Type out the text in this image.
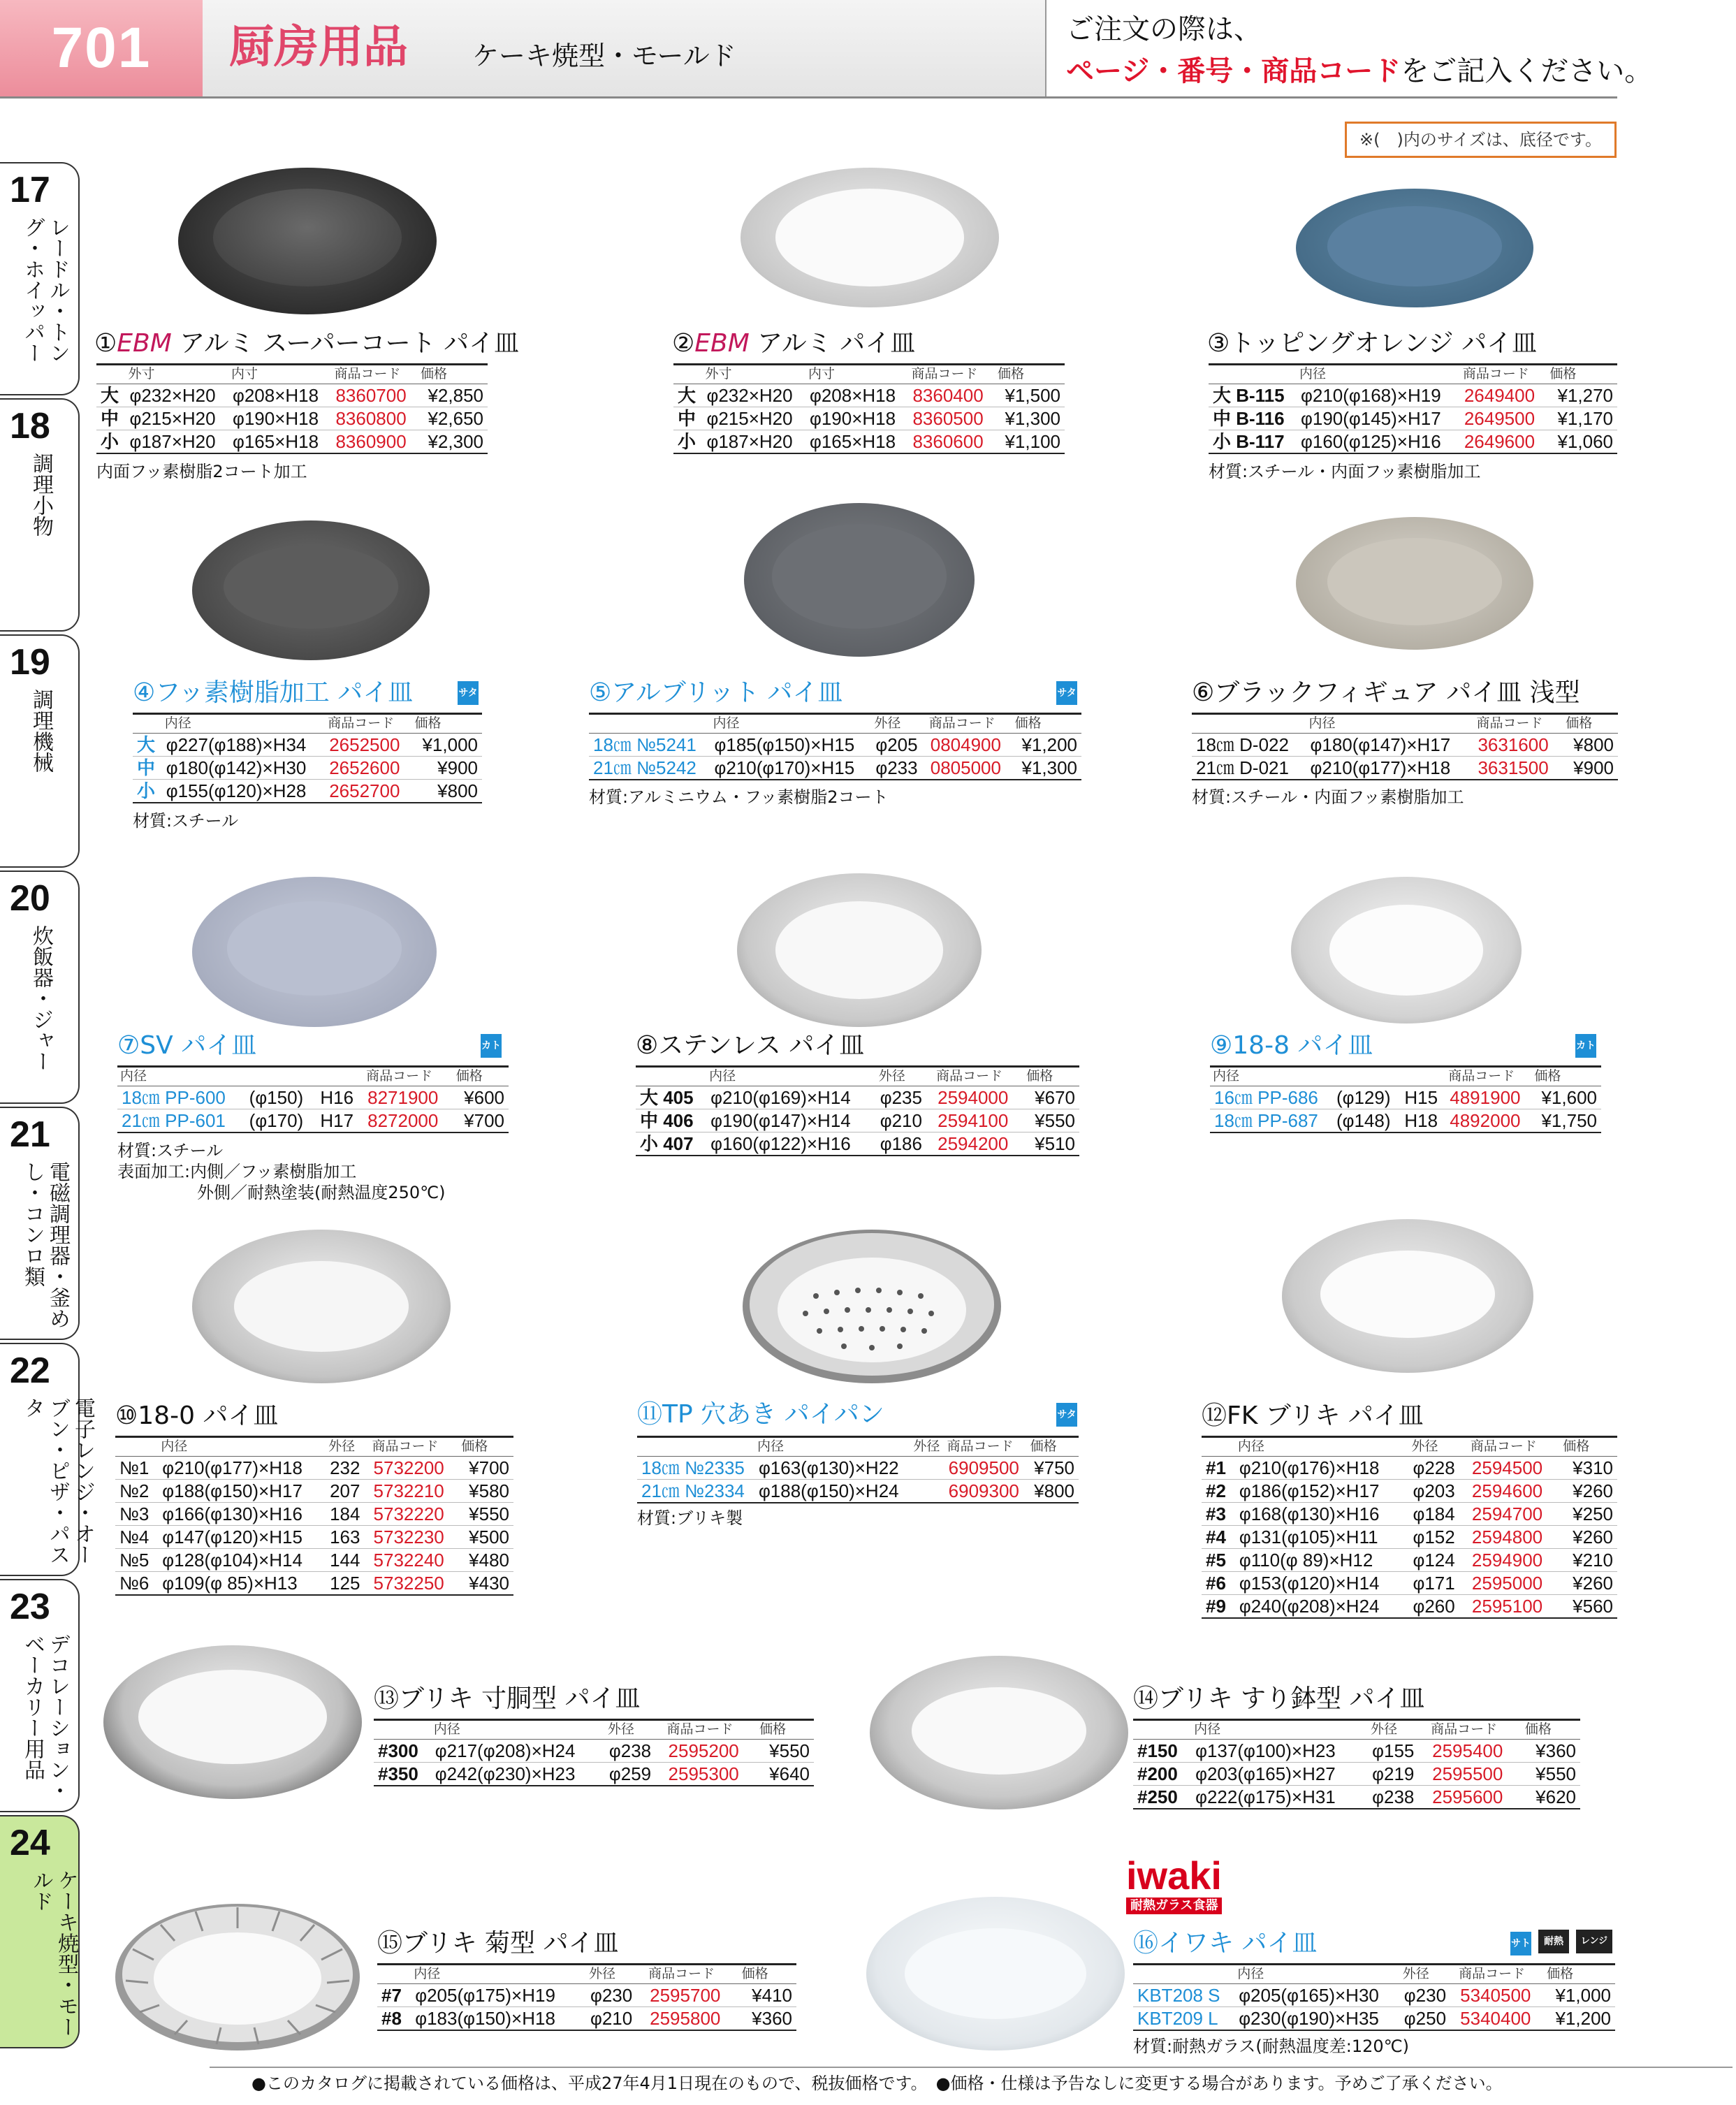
701	厨房用品 ケーキ焼型・モールド
ご注文の際は、
ページ・番号・商品コードをご記入ください。
※(　)内のサイズは、底径です。
17
レードル・トング・ホイッパー
18
調理小物
19
調理機械
20
炊飯器・ジャー
21
電磁調理器・釜めし・コンロ類
22
電子レンジ・オーブン・ピザ・パスタ
23
デコレーション・ベーカリー用品
24
ケーキ焼型・モールド
①EBM アルミ スーパーコート パイ皿
	外寸	内寸	商品コード	価格
大	φ232×H20	φ208×H18	8360700	¥2,850
中	φ215×H20	φ190×H18	8360800	¥2,650
小	φ187×H20	φ165×H18	8360900	¥2,300
内面フッ素樹脂2コート加工
②EBM アルミ パイ皿
	外寸	内寸	商品コード	価格
大	φ232×H20	φ208×H18	8360400	¥1,500
中	φ215×H20	φ190×H18	8360500	¥1,300
小	φ187×H20	φ165×H18	8360600	¥1,100
③トッピングオレンジ パイ皿
	内径	商品コード	価格
大 B-115	φ210(φ168)×H19	2649400	¥1,270
中 B-116	φ190(φ145)×H17	2649500	¥1,170
小 B-117	φ160(φ125)×H16	2649600	¥1,060
材質:スチール・内面フッ素樹脂加工
④フッ素樹脂加工 パイ皿	サタ
	内径	商品コード	価格
大	φ227(φ188)×H34	2652500	¥1,000
中	φ180(φ142)×H30	2652600	¥900
小	φ155(φ120)×H28	2652700	¥800
材質:スチール
⑤アルブリット パイ皿	サタ
	内径	外径	商品コード	価格
18㎝ №5241	φ185(φ150)×H15	φ205	0804900	¥1,200
21㎝ №5242	φ210(φ170)×H15	φ233	0805000	¥1,300
材質:アルミニウム・フッ素樹脂2コート
⑥ブラックフィギュア パイ皿 浅型
	内径	商品コード	価格
18㎝ D-022	φ180(φ147)×H17	3631600	¥800
21㎝ D-021	φ210(φ177)×H18	3631500	¥900
材質:スチール・内面フッ素樹脂加工
⑦SV パイ皿	カト
内径			商品コード	価格
18㎝ PP-600	(φ150)	H16	8271900	¥600
21㎝ PP-601	(φ170)	H17	8272000	¥700
材質:スチール
表面加工:内側／フッ素樹脂加工
外側／耐熱塗装(耐熱温度250℃)
⑧ステンレス パイ皿
	内径	外径	商品コード	価格
大 405	φ210(φ169)×H14	φ235	2594000	¥670
中 406	φ190(φ147)×H14	φ210	2594100	¥550
小 407	φ160(φ122)×H16	φ186	2594200	¥510
⑨18-8 パイ皿	カト
内径			商品コード	価格
16㎝ PP-686	(φ129)	H15	4891900	¥1,600
18㎝ PP-687	(φ148)	H18	4892000	¥1,750
⑩18-0 パイ皿
	内径	外径	商品コード	価格
№1	φ210(φ177)×H18	232	5732200	¥700
№2	φ188(φ150)×H17	207	5732210	¥580
№3	φ166(φ130)×H16	184	5732220	¥550
№4	φ147(φ120)×H15	163	5732230	¥500
№5	φ128(φ104)×H14	144	5732240	¥480
№6	φ109(φ 85)×H13	125	5732250	¥430
⑪TP 穴あき パイパン	サタ
	内径	外径	商品コード	価格
18㎝ №2335	φ163(φ130)×H22		6909500	¥750
21㎝ №2334	φ188(φ150)×H24		6909300	¥800
材質:ブリキ製
⑫FK ブリキ パイ皿
	内径	外径	商品コード	価格
#1	φ210(φ176)×H18	φ228	2594500	¥310
#2	φ186(φ152)×H17	φ203	2594600	¥260
#3	φ168(φ130)×H16	φ184	2594700	¥250
#4	φ131(φ105)×H11	φ152	2594800	¥260
#5	φ110(φ 89)×H12	φ124	2594900	¥210
#6	φ153(φ120)×H14	φ171	2595000	¥260
#9	φ240(φ208)×H24	φ260	2595100	¥560
⑬ブリキ 寸胴型 パイ皿
	内径	外径	商品コード	価格
#300	φ217(φ208)×H24	φ238	2595200	¥550
#350	φ242(φ230)×H23	φ259	2595300	¥640
⑭ブリキ すり鉢型 パイ皿
	内径	外径	商品コード	価格
#150	φ137(φ100)×H23	φ155	2595400	¥360
#200	φ203(φ165)×H27	φ219	2595500	¥550
#250	φ222(φ175)×H31	φ238	2595600	¥620
⑮ブリキ 菊型 パイ皿
	内径	外径	商品コード	価格
#7	φ205(φ175)×H19	φ230	2595700	¥410
#8	φ183(φ150)×H18	φ210	2595800	¥360
iwaki
耐熱ガラス食器
⑯イワキ パイ皿	サト	耐熱	レンジ
	内径	外径	商品コード	価格
KBT208 S	φ205(φ165)×H30	φ230	5340500	¥1,000
KBT209 L	φ230(φ190)×H35	φ250	5340400	¥1,200
材質:耐熱ガラス(耐熱温度差:120℃)
●このカタログに掲載されている価格は、平成27年4月1日現在のもので、税抜価格です。　●価格・仕様は予告なしに変更する場合があります。予めご了承ください。
